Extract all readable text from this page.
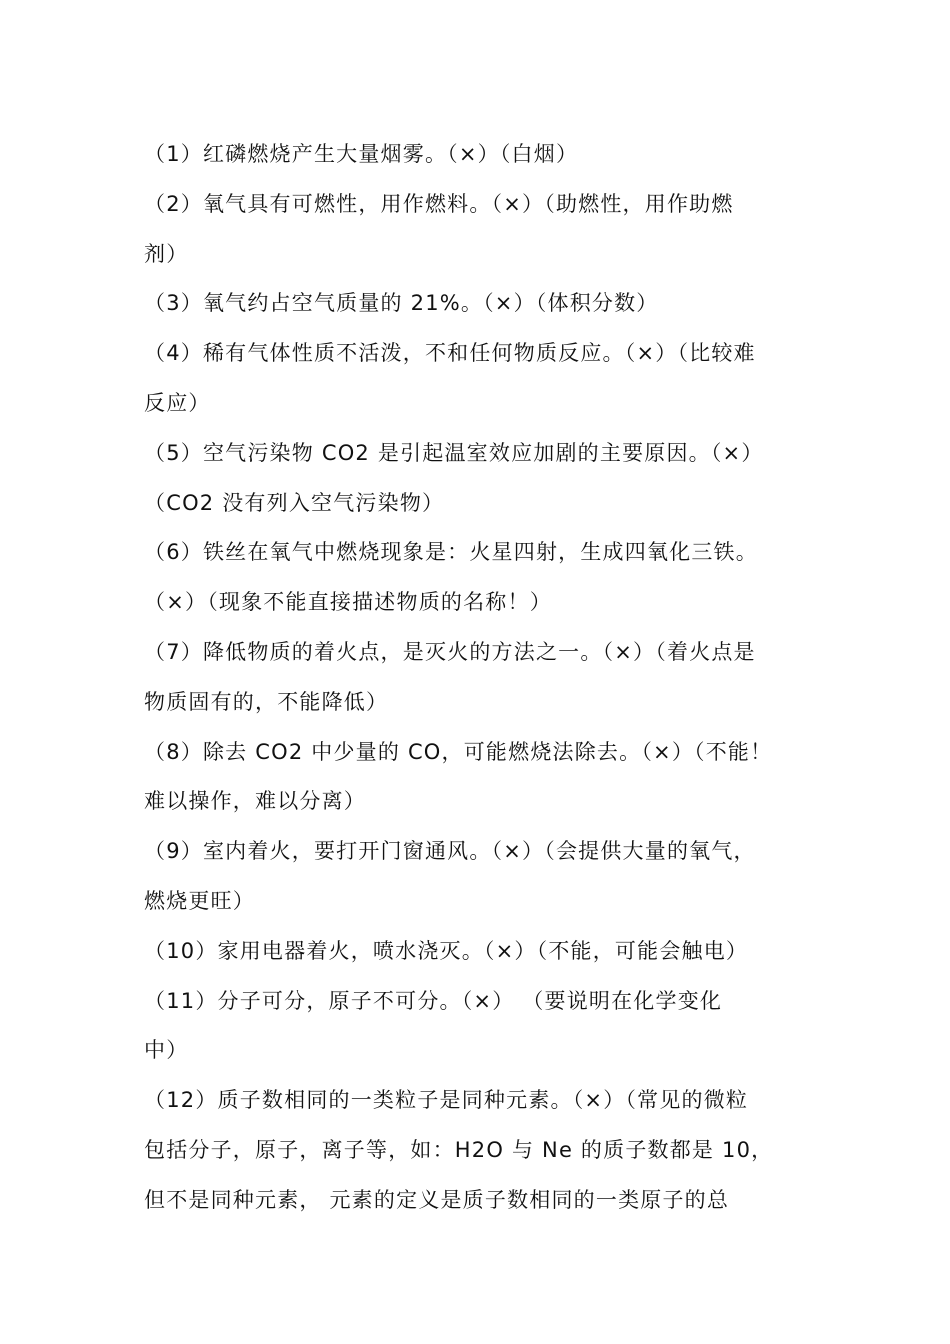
（1）红磷燃烧产生大量烟雾。（×）（白烟）
（2）氧气具有可燃性，用作燃料。（×）（助燃性，用作助燃
剂）
（3）氧气约占空气质量的 21%。（×）（体积分数）
（4）稀有气体性质不活泼，不和任何物质反应。（×）（比较难
反应）
（5）空气污染物 CO2 是引起温室效应加剧的主要原因。（×）
（CO2 没有列入空气污染物）
（6）铁丝在氧气中燃烧现象是：火星四射，生成四氧化三铁。
（×）（现象不能直接描述物质的名称！）
（7）降低物质的着火点，是灭火的方法之一。（×）（着火点是
物质固有的，不能降低）
（8）除去 CO2 中少量的 CO，可能燃烧法除去。（×）（不能！
难以操作，难以分离）
（9）室内着火，要打开门窗通风。（×）（会提供大量的氧气，
燃烧更旺）
（10）家用电器着火，喷水浇灭。（×）（不能，可能会触电）
（11）分子可分，原子不可分。（×） （要说明在化学变化
中）
（12）质子数相同的一类粒子是同种元素。（×）（常见的微粒
包括分子，原子，离子等，如：H2O 与 Ne 的质子数都是 10，
但不是同种元素， 元素的定义是质子数相同的一类原子的总
